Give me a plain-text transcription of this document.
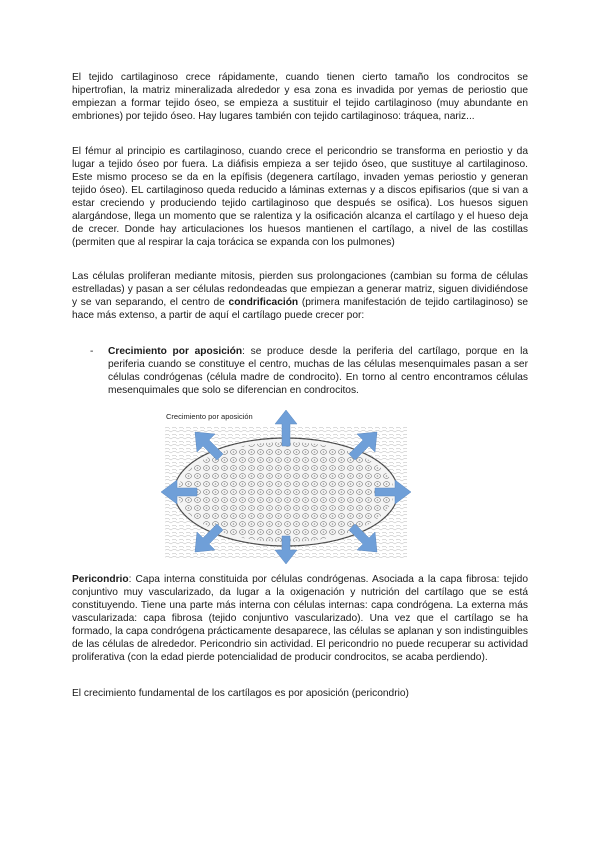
El tejido cartilaginoso crece rápidamente, cuando tienen cierto tamaño los condrocitos se hipertrofian, la matriz mineralizada alrededor y esa zona es invadida por yemas de periostio que empiezan a formar tejido óseo, se empieza a sustituir el tejido cartilaginoso (muy abundante en embriones) por tejido óseo. Hay lugares también con tejido cartilaginoso: tráquea, nariz...

El fémur al principio es cartilaginoso, cuando crece el pericondrio se transforma en periostio y da lugar a tejido óseo por fuera. La diáfisis empieza a ser tejido óseo, que sustituye al cartilaginoso. Este mismo proceso se da en la epífisis (degenera cartílago, invaden yemas periostio y generan tejido óseo). EL cartilaginoso queda reducido a láminas externas y a discos epifisarios (que si van a estar creciendo y produciendo tejido cartilaginoso que después se osifica). Los huesos siguen alargándose, llega un momento que se ralentiza y la osificación alcanza el cartílago y el hueso deja de crecer. Donde hay articulaciones los huesos mantienen el cartílago, a nivel de las costillas (permiten que al respirar la caja torácica se expanda con los pulmones)

Las células proliferan mediante mitosis, pierden sus prolongaciones (cambian su forma de células estrelladas) y pasan a ser células redondeadas que empiezan a generar matriz, siguen dividiéndose y se van separando, el centro de condrificación (primera manifestación de tejido cartilaginoso) se hace más extenso, a partir de aquí el cartílago puede crecer por:

- Crecimiento por aposición: se produce desde la periferia del cartílago, porque en la periferia cuando se constituye el centro, muchas de las células mesenquimales pasan a ser células condrógenas (célula madre de condrocito). En torno al centro encontramos células mesenquimales que solo se diferencian en condrocitos.
Crecimiento por aposición

Pericondrio: Capa interna constituida por células condrógenas. Asociada a la capa fibrosa: tejido conjuntivo muy vascularizado, da lugar a la oxigenación y nutrición del cartílago que se está constituyendo. Tiene una parte más interna con células internas: capa condrógena. La externa más vascularizada: capa fibrosa (tejido conjuntivo vascularizado). Una vez que el cartílago se ha formado, la capa condrógena prácticamente desaparece, las células se aplanan y son indistinguibles de las células de alrededor. Pericondrio sin actividad. El pericondrio no puede recuperar su actividad proliferativa (con la edad pierde potencialidad de producir condrocitos, se acaba perdiendo).

El crecimiento fundamental de los cartílagos es por aposición (pericondrio)
